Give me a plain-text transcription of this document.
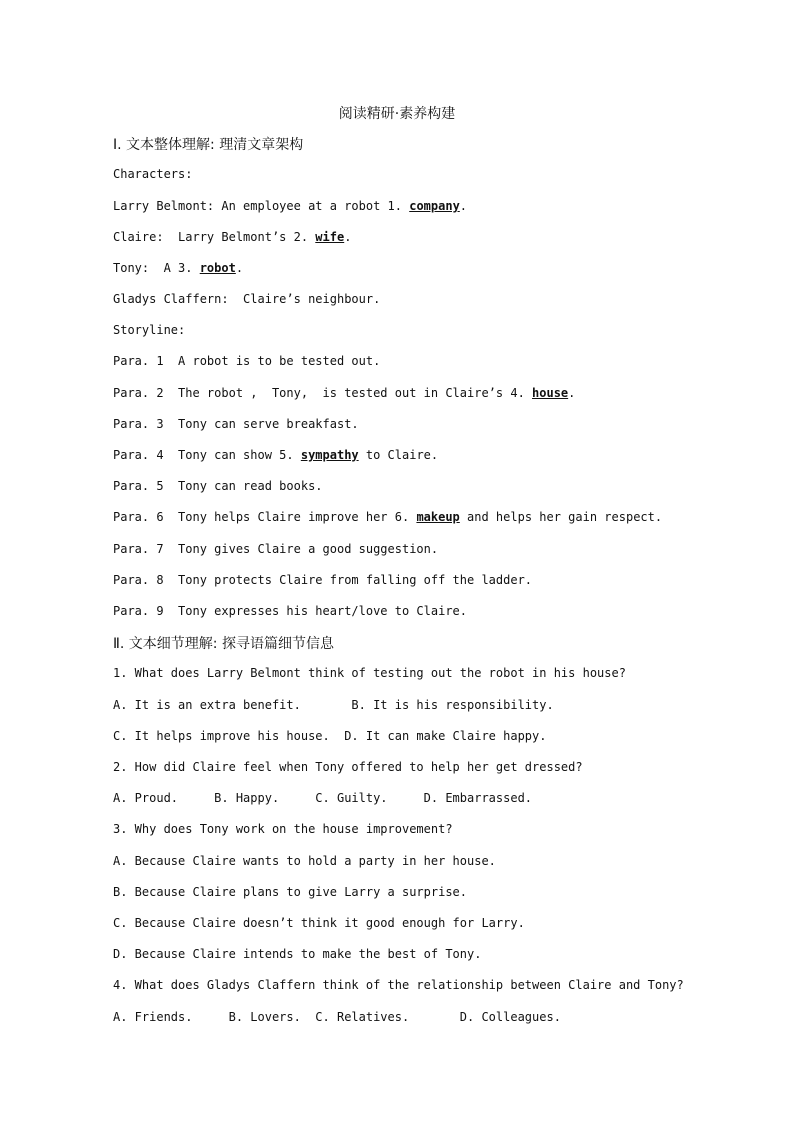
阅读精研·素养构建
Ⅰ. 文本整体理解: 理清文章架构
Characters:
Larry Belmont: An employee at a robot 1. company.
Claire:  Larry Belmont’s 2. wife.
Tony:  A 3. robot.
Gladys Claffern:  Claire’s neighbour.
Storyline:
Para. 1  A robot is to be tested out.
Para. 2  The robot ,  Tony,  is tested out in Claire’s 4. house.
Para. 3  Tony can serve breakfast.
Para. 4  Tony can show 5. sympathy to Claire.
Para. 5  Tony can read books.
Para. 6  Tony helps Claire improve her 6. makeup and helps her gain respect.
Para. 7  Tony gives Claire a good suggestion.
Para. 8  Tony protects Claire from falling off the ladder.
Para. 9  Tony expresses his heart/love to Claire.
Ⅱ. 文本细节理解: 探寻语篇细节信息
1. What does Larry Belmont think of testing out the robot in his house?
A. It is an extra benefit.       B. It is his responsibility.
C. It helps improve his house.  D. It can make Claire happy.
2. How did Claire feel when Tony offered to help her get dressed?
A. Proud.     B. Happy.     C. Guilty.     D. Embarrassed.
3. Why does Tony work on the house improvement?
A. Because Claire wants to hold a party in her house.
B. Because Claire plans to give Larry a surprise.
C. Because Claire doesn’t think it good enough for Larry.
D. Because Claire intends to make the best of Tony.
4. What does Gladys Claffern think of the relationship between Claire and Tony?
A. Friends.     B. Lovers.  C. Relatives.       D. Colleagues.
